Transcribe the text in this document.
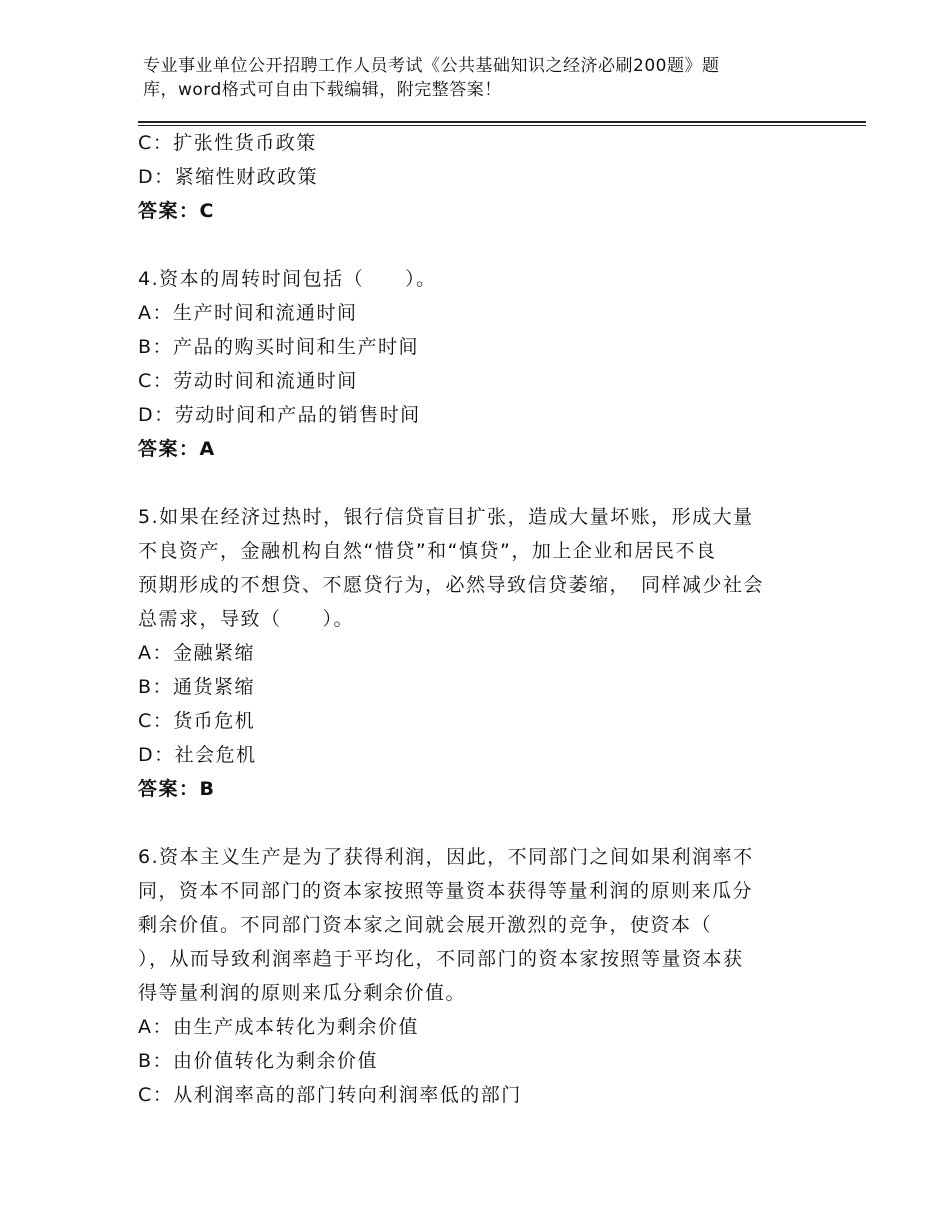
专业事业单位公开招聘工作人员考试《公共基础知识之经济必刷200题》题
库，word格式可自由下载编辑，附完整答案！
C：扩张性货币政策
D：紧缩性财政政策
答案：C
4.资本的周转时间包括（　　）。
A：生产时间和流通时间
B：产品的购买时间和生产时间
C：劳动时间和流通时间
D：劳动时间和产品的销售时间
答案：A
5.如果在经济过热时，银行信贷盲目扩张，造成大量坏账，形成大量
不良资产，金融机构自然“惜贷”和“慎贷”，加上企业和居民不良
预期形成的不想贷、不愿贷行为，必然导致信贷萎缩，　同样减少社会
总需求，导致（　　）。
A：金融紧缩
B：通货紧缩
C：货币危机
D：社会危机
答案：B
6.资本主义生产是为了获得利润，因此，不同部门之间如果利润率不
同，资本不同部门的资本家按照等量资本获得等量利润的原则来瓜分
剩余价值。不同部门资本家之间就会展开激烈的竞争，使资本（
），从而导致利润率趋于平均化，不同部门的资本家按照等量资本获
得等量利润的原则来瓜分剩余价值。
A：由生产成本转化为剩余价值
B：由价值转化为剩余价值
C：从利润率高的部门转向利润率低的部门
